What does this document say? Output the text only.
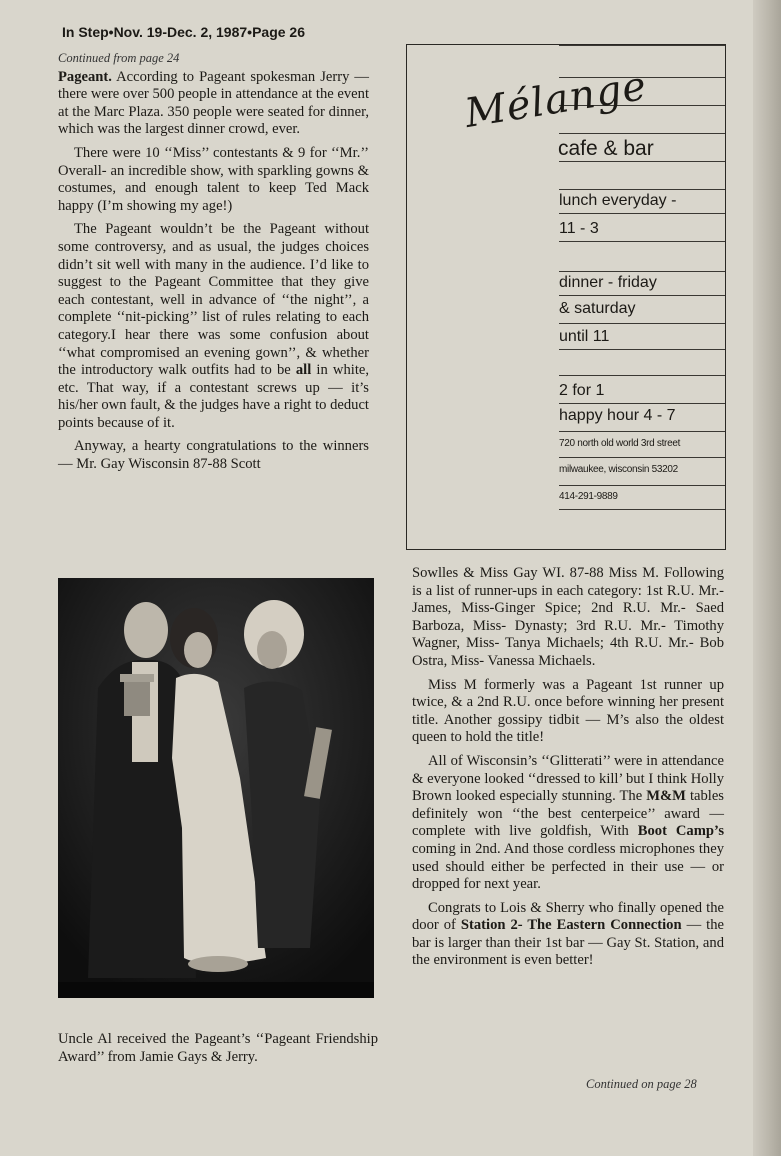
In Step•Nov. 19-Dec. 2, 1987•Page 26
Continued from page 24

Pageant. According to Pageant spokesman Jerry — there were over 500 people in attendance at the event at the Marc Plaza. 350 people were seated for dinner, which was the largest dinner crowd, ever.

There were 10 ‘‘Miss’’ contestants & 9 for ‘‘Mr.’’ Overall- an incredible show, with sparkling gowns & costumes, and enough talent to keep Ted Mack happy (I’m showing my age!)

The Pageant wouldn’t be the Pageant without some controversy, and as usual, the judges choices didn’t sit well with many in the audience. I’d like to suggest to the Pageant Committee that they give each contestant, well in advance of ‘‘the night’’, a complete ‘‘nit-picking’’ list of rules relating to each category.I hear there was some confusion about ‘‘what compromised an evening gown’’, & whether the introductory walk outfits had to be all in white, etc. That way, if a contestant screws up — it’s his/her own fault, & the judges have a right to deduct points because of it.

Anyway, a hearty congratulations to the winners — Mr. Gay Wisconsin 87-88 Scott

Mélange
cafe & bar
lunch everyday -
11 - 3
dinner - friday
& saturday
until 11
2 for 1
happy hour 4 - 7
720 north old world 3rd street
milwaukee, wisconsin 53202
414-291-9889
Uncle Al received the Pageant’s ‘‘Pageant Friendship Award’’ from Jamie Gays & Jerry.

Sowlles & Miss Gay WI. 87-88 Miss M. Following is a list of runner-ups in each category: 1st R.U. Mr.- James, Miss-Ginger Spice; 2nd R.U. Mr.- Saed Barboza, Miss- Dynasty; 3rd R.U. Mr.- Timothy Wagner, Miss- Tanya Michaels; 4th R.U. Mr.- Bob Ostra, Miss- Vanessa Michaels.

Miss M formerly was a Pageant 1st runner up twice, & a 2nd R.U. once before winning her present title. Another gossipy tidbit — M’s also the oldest queen to hold the title!

All of Wisconsin’s ‘‘Glitterati’’ were in attendance & everyone looked ‘‘dressed to kill’ but I think Holly Brown looked especially stunning. The M&M tables definitely won ‘‘the best centerpeice’’ award — complete with live goldfish, With Boot Camp’s coming in 2nd. And those cordless microphones they used should either be perfected in their use — or dropped for next year.

Congrats to Lois & Sherry who finally opened the door of Station 2- The Eastern Connection — the bar is larger than their 1st bar — Gay St. Station, and the environment is even better!

Continued on page 28
